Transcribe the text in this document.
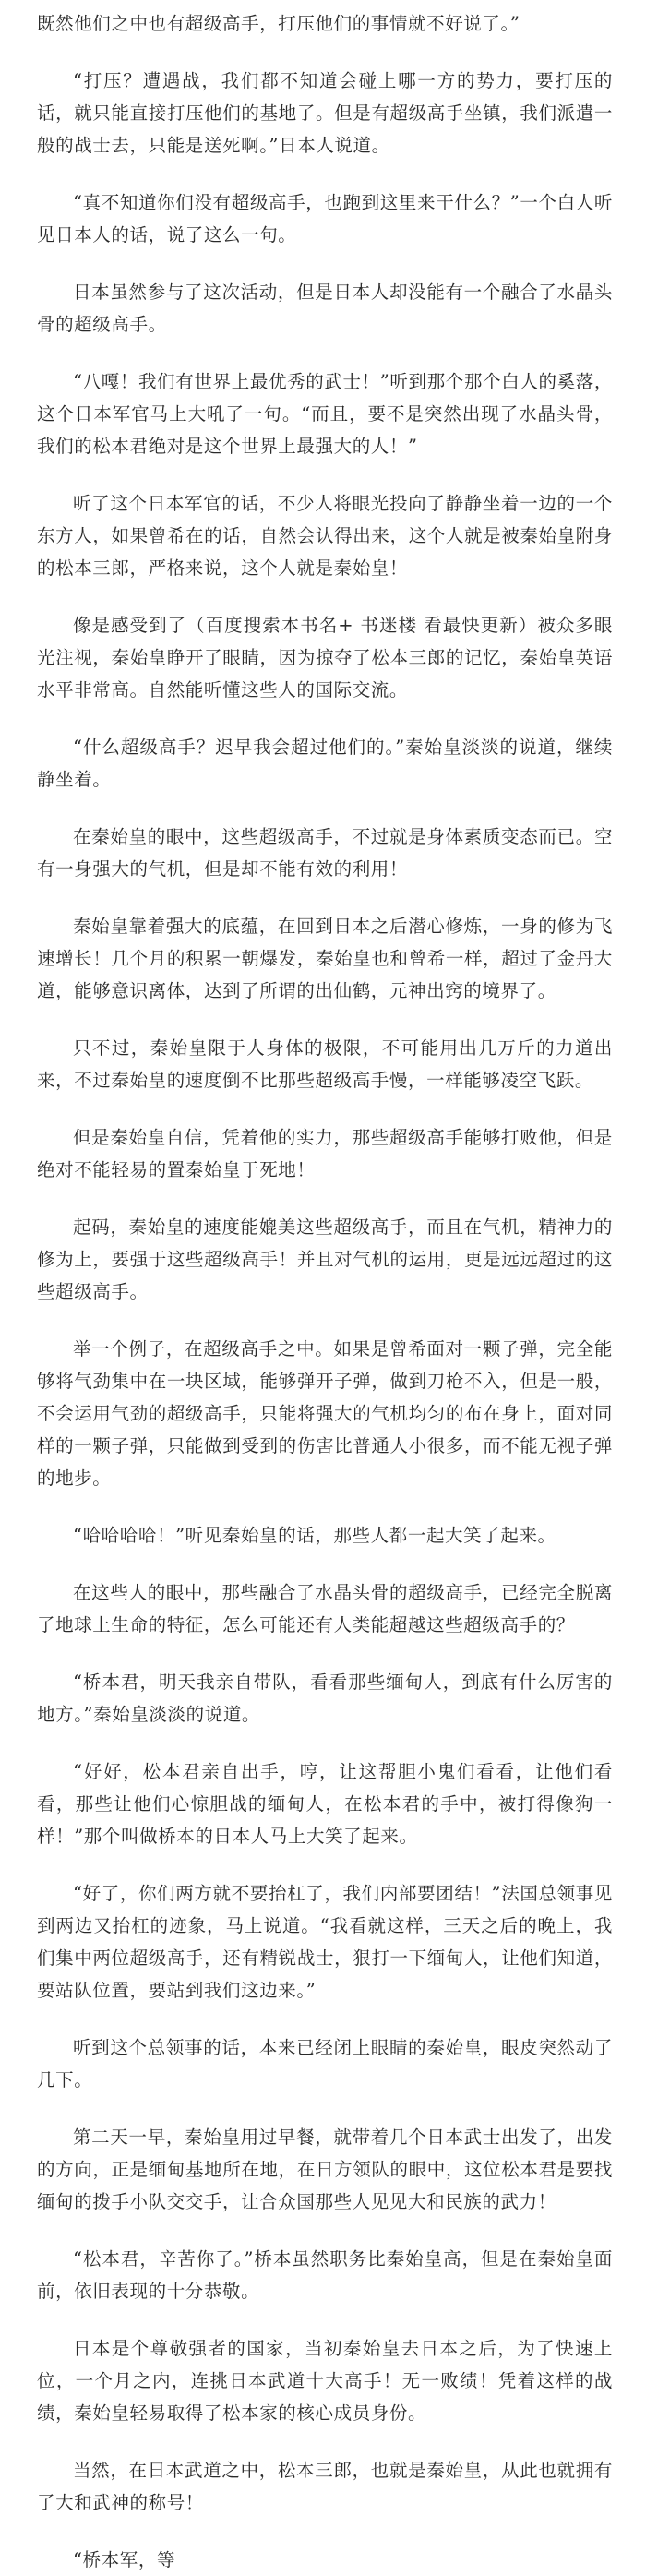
既然他们之中也有超级高手，打压他们的事情就不好说了。”

“打压？遭遇战，我们都不知道会碰上哪一方的势力，要打压的话，就只能直接打压他们的基地了。但是有超级高手坐镇，我们派遣一般的战士去，只能是送死啊。”日本人说道。

“真不知道你们没有超级高手，也跑到这里来干什么？”一个白人听见日本人的话，说了这么一句。

日本虽然参与了这次活动，但是日本人却没能有一个融合了水晶头骨的超级高手。

“八嘎！我们有世界上最优秀的武士！”听到那个那个白人的奚落，这个日本军官马上大吼了一句。“而且，要不是突然出现了水晶头骨，我们的松本君绝对是这个世界上最强大的人！”

听了这个日本军官的话，不少人将眼光投向了静静坐着一边的一个东方人，如果曾希在的话，自然会认得出来，这个人就是被秦始皇附身的松本三郎，严格来说，这个人就是秦始皇！

像是感受到了（百度搜索本书名+ 书迷楼 看最快更新）被众多眼光注视，秦始皇睁开了眼睛，因为掠夺了松本三郎的记忆，秦始皇英语水平非常高。自然能听懂这些人的国际交流。

“什么超级高手？迟早我会超过他们的。”秦始皇淡淡的说道，继续静坐着。

在秦始皇的眼中，这些超级高手，不过就是身体素质变态而已。空有一身强大的气机，但是却不能有效的利用！

秦始皇靠着强大的底蕴，在回到日本之后潜心修炼，一身的修为飞速增长！几个月的积累一朝爆发，秦始皇也和曾希一样，超过了金丹大道，能够意识离体，达到了所谓的出仙鹤，元神出窍的境界了。

只不过，秦始皇限于人身体的极限，不可能用出几万斤的力道出来，不过秦始皇的速度倒不比那些超级高手慢，一样能够凌空飞跃。

但是秦始皇自信，凭着他的实力，那些超级高手能够打败他，但是绝对不能轻易的置秦始皇于死地！

起码，秦始皇的速度能媲美这些超级高手，而且在气机，精神力的修为上，要强于这些超级高手！并且对气机的运用，更是远远超过的这些超级高手。

举一个例子，在超级高手之中。如果是曾希面对一颗子弹，完全能够将气劲集中在一块区域，能够弹开子弹，做到刀枪不入，但是一般，不会运用气劲的超级高手，只能将强大的气机均匀的布在身上，面对同样的一颗子弹，只能做到受到的伤害比普通人小很多，而不能无视子弹的地步。

“哈哈哈哈！”听见秦始皇的话，那些人都一起大笑了起来。

在这些人的眼中，那些融合了水晶头骨的超级高手，已经完全脱离了地球上生命的特征，怎么可能还有人类能超越这些超级高手的？

“桥本君，明天我亲自带队，看看那些缅甸人，到底有什么厉害的地方。”秦始皇淡淡的说道。

“好好，松本君亲自出手，哼，让这帮胆小鬼们看看，让他们看看，那些让他们心惊胆战的缅甸人，在松本君的手中，被打得像狗一样！”那个叫做桥本的日本人马上大笑了起来。

“好了，你们两方就不要抬杠了，我们内部要团结！”法国总领事见到两边又抬杠的迹象，马上说道。“我看就这样，三天之后的晚上，我们集中两位超级高手，还有精锐战士，狠打一下缅甸人，让他们知道，要站队位置，要站到我们这边来。”

听到这个总领事的话，本来已经闭上眼睛的秦始皇，眼皮突然动了几下。

第二天一早，秦始皇用过早餐，就带着几个日本武士出发了，出发的方向，正是缅甸基地所在地，在日方领队的眼中，这位松本君是要找缅甸的拨手小队交交手，让合众国那些人见见大和民族的武力！

“松本君，辛苦你了。”桥本虽然职务比秦始皇高，但是在秦始皇面前，依旧表现的十分恭敬。

日本是个尊敬强者的国家，当初秦始皇去日本之后，为了快速上位，一个月之内，连挑日本武道十大高手！无一败绩！凭着这样的战绩，秦始皇轻易取得了松本家的核心成员身份。

当然，在日本武道之中，松本三郎，也就是秦始皇，从此也就拥有了大和武神的称号！

“桥本军，等
